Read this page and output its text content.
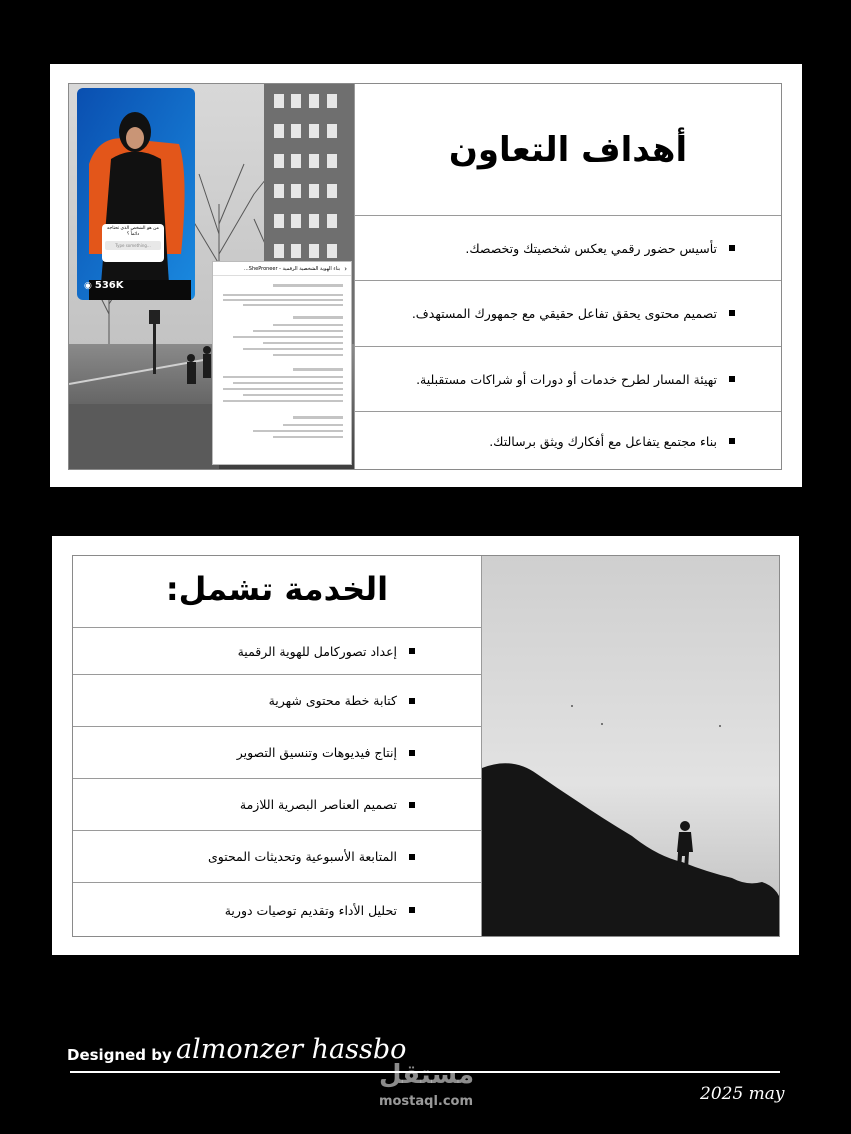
من هو الشخص الذي تحتاجه دائماً ؟
Type something...
◉ 536K
‹
بناء الهوية الشخصية الرقمية - SheProneer...
أهداف التعاون
تأسيس حضور رقمي يعكس شخصيتك وتخصصك.
تصميم محتوى يحقق تفاعل حقيقي مع جمهورك المستهدف.
تهيئة المسار لطرح خدمات أو دورات أو شراكات مستقبلية.
بناء مجتمع يتفاعل مع أفكارك ويثق برسالتك.
الخدمة تشمل:
إعداد تصوركامل للهوية الرقمية
كتابة خطة محتوى شهرية
إنتاج فيديوهات وتنسيق التصوير
تصميم العناصر البصرية اللازمة
المتابعة الأسبوعية وتحديثات المحتوى
تحليل الأداء وتقديم توصيات دورية
Designed by almonzer hassbo
2025 may
مستقل
mostaql.com
